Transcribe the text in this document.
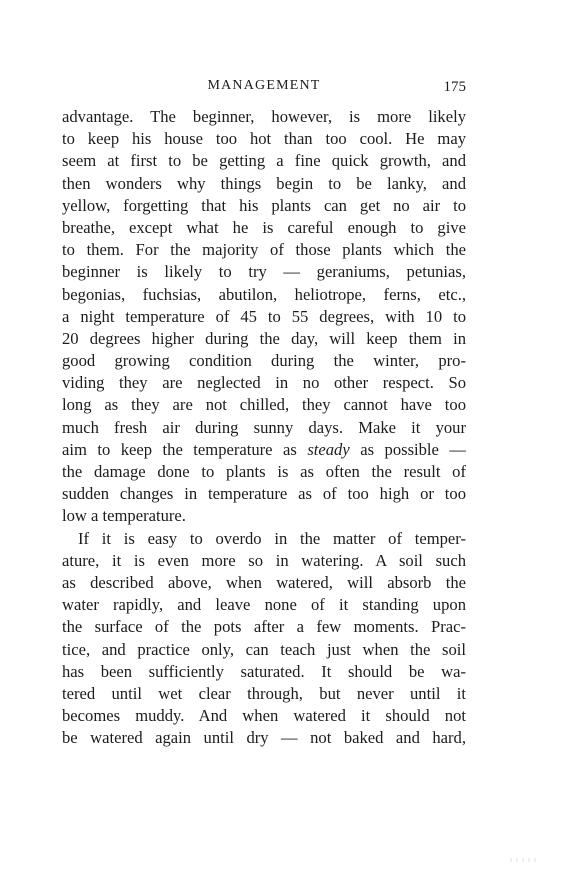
MANAGEMENT	175
advantage. The beginner, however, is more likely
to keep his house too hot than too cool. He may
seem at first to be getting a fine quick growth, and
then wonders why things begin to be lanky, and
yellow, forgetting that his plants can get no air to
breathe, except what he is careful enough to give
to them. For the majority of those plants which the
beginner is likely to try — geraniums, petunias,
begonias, fuchsias, abutilon, heliotrope, ferns, etc.,
a night temperature of 45 to 55 degrees, with 10 to
20 degrees higher during the day, will keep them in
good growing condition during the winter, pro-
viding they are neglected in no other respect. So
long as they are not chilled, they cannot have too
much fresh air during sunny days. Make it your
aim to keep the temperature as steady as possible —
the damage done to plants is as often the result of
sudden changes in temperature as of too high or too
low a temperature.
If it is easy to overdo in the matter of temper-
ature, it is even more so in watering. A soil such
as described above, when watered, will absorb the
water rapidly, and leave none of it standing upon
the surface of the pots after a few moments. Prac-
tice, and practice only, can teach just when the soil
has been sufficiently saturated. It should be wa-
tered until wet clear through, but never until it
becomes muddy. And when watered it should not
be watered again until dry — not baked and hard,
